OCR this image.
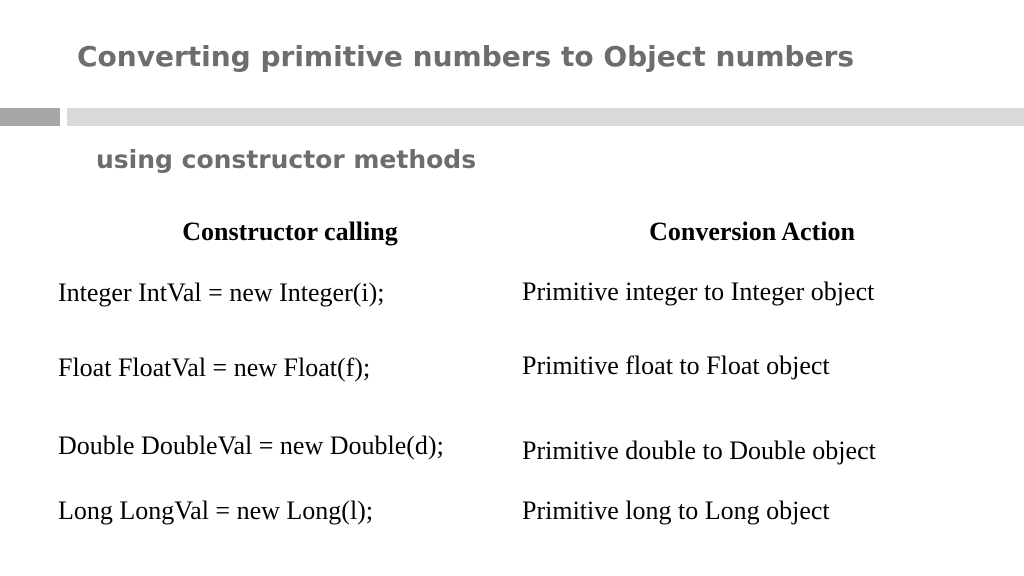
Converting primitive numbers to Object numbers
using constructor methods
Constructor calling	Conversion Action
Integer IntVal = new Integer(i);	Primitive integer to Integer object
Float FloatVal = new Float(f);	Primitive float to Float object
Double DoubleVal = new Double(d);	Primitive double to Double object
Long LongVal = new Long(l);	Primitive long to Long object
